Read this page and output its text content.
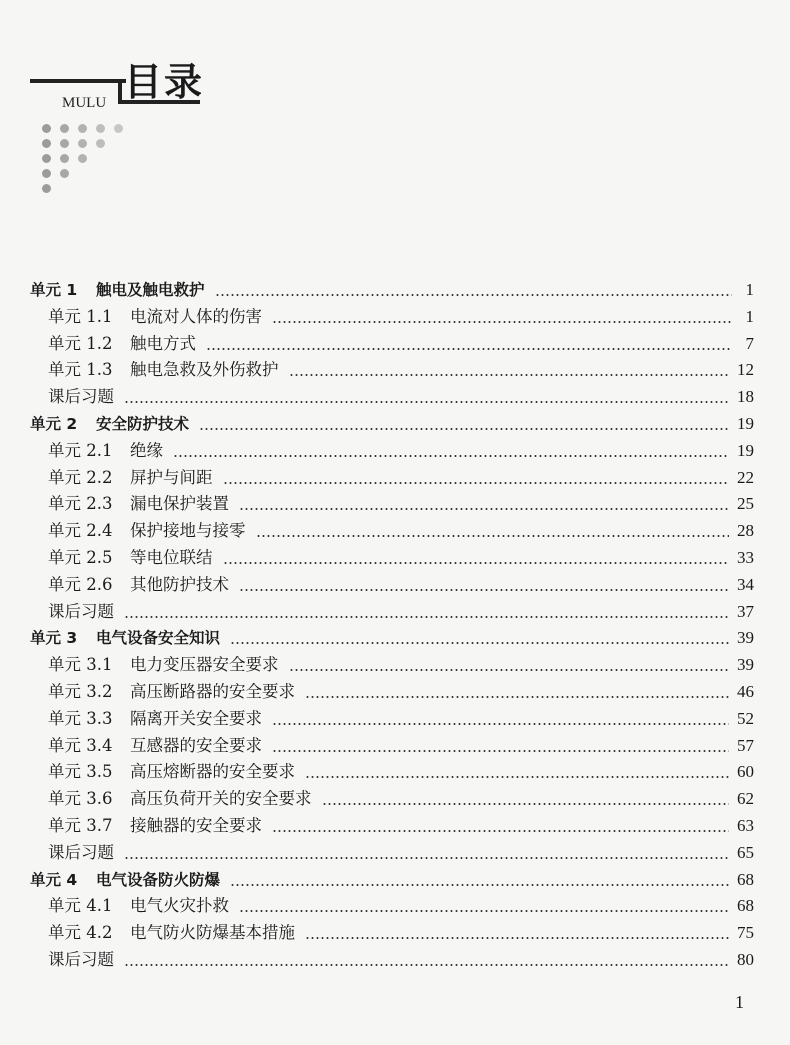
目录
MULU
单元 1	触电及触电救护	1
单元 1.1	电流对人体的伤害	1
单元 1.2	触电方式	7
单元 1.3	触电急救及外伤救护	12
课后习题	18
单元 2	安全防护技术	19
单元 2.1	绝缘	19
单元 2.2	屏护与间距	22
单元 2.3	漏电保护装置	25
单元 2.4	保护接地与接零	28
单元 2.5	等电位联结	33
单元 2.6	其他防护技术	34
课后习题	37
单元 3	电气设备安全知识	39
单元 3.1	电力变压器安全要求	39
单元 3.2	高压断路器的安全要求	46
单元 3.3	隔离开关安全要求	52
单元 3.4	互感器的安全要求	57
单元 3.5	高压熔断器的安全要求	60
单元 3.6	高压负荷开关的安全要求	62
单元 3.7	接触器的安全要求	63
课后习题	65
单元 4	电气设备防火防爆	68
单元 4.1	电气火灾扑救	68
单元 4.2	电气防火防爆基本措施	75
课后习题	80
1
